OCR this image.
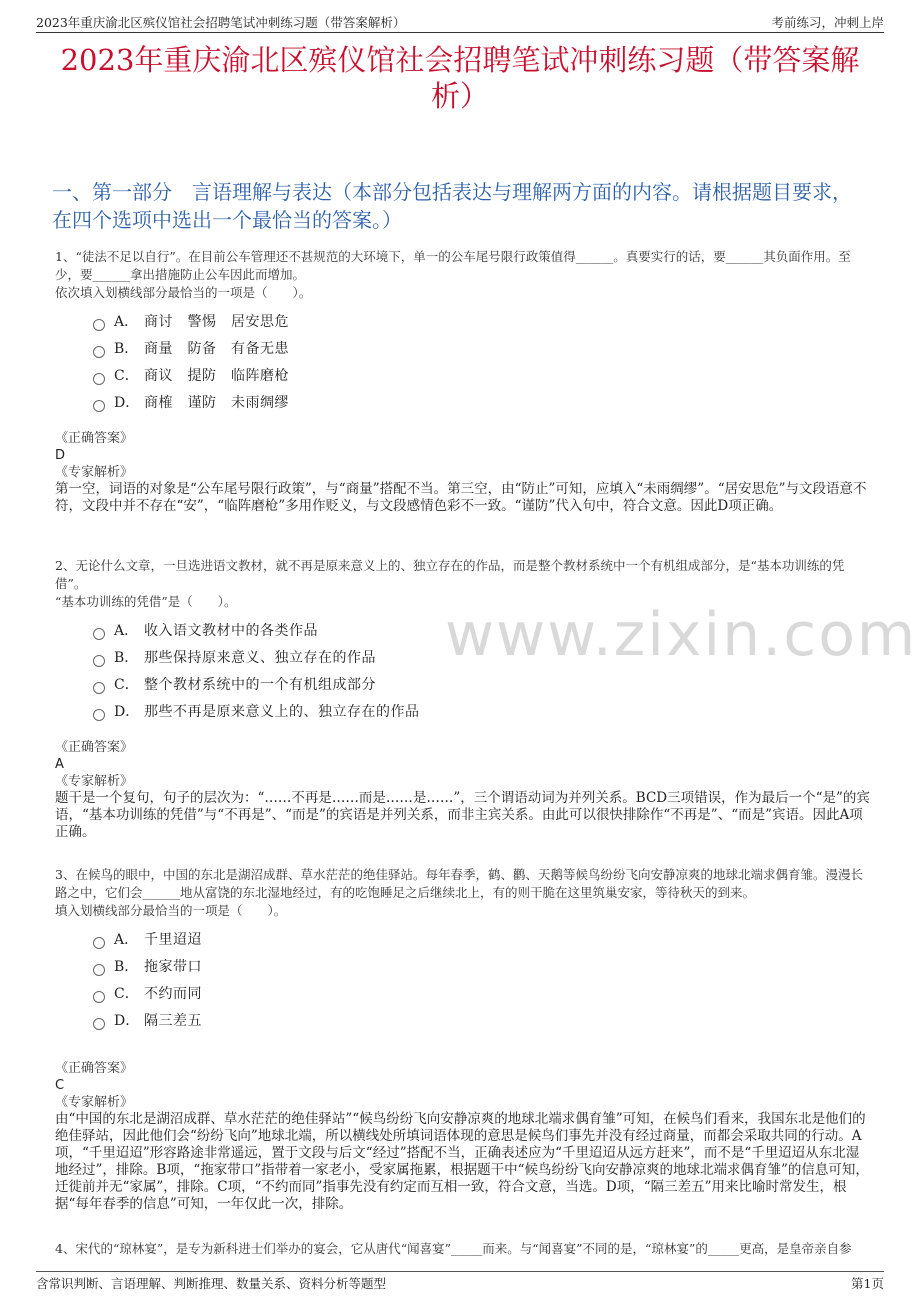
2023年重庆渝北区殡仪馆社会招聘笔试冲刺练习题（带答案解析）	考前练习，冲刺上岸
2023年重庆渝北区殡仪馆社会招聘笔试冲刺练习题（带答案解析）
一、第一部分　言语理解与表达（本部分包括表达与理解两方面的内容。请根据题目要求，在四个选项中选出一个最恰当的答案。）
www.zixin.com
1、“徒法不足以自行”。在目前公车管理还不甚规范的大环境下，单一的公车尾号限行政策值得______。真要实行的话，要______其负面作用。至少，要______拿出措施防止公车因此而增加。
依次填入划横线部分最恰当的一项是（　　）。
A． 商讨　警惕　居安思危
B． 商量　防备　有备无患
C． 商议　提防　临阵磨枪
D． 商榷　谨防　未雨绸缪
《正确答案》
D
《专家解析》
第一空，词语的对象是“公车尾号限行政策”，与“商量”搭配不当。第三空，由“防止”可知，应填入“未雨绸缪”。“居安思危”与文段语意不符，文段中并不存在“安”，“临阵磨枪”多用作贬义，与文段感情色彩不一致。“谨防”代入句中，符合文意。因此D项正确。
2、无论什么文章，一旦选进语文教材，就不再是原来意义上的、独立存在的作品，而是整个教材系统中一个有机组成部分，是“基本功训练的凭借”。
“基本功训练的凭借”是（　　）。
A． 收入语文教材中的各类作品
B． 那些保持原来意义、独立存在的作品
C． 整个教材系统中的一个有机组成部分
D． 那些不再是原来意义上的、独立存在的作品
《正确答案》
A
《专家解析》
题干是一个复句，句子的层次为：“……不再是……而是……是……”，三个谓语动词为并列关系。BCD三项错误，作为最后一个“是”的宾语，“基本功训练的凭借”与“不再是”、“而是”的宾语是并列关系，而非主宾关系。由此可以很快排除作“不再是”、“而是”宾语。因此A项正确。
3、在候鸟的眼中，中国的东北是湖沼成群、草水茫茫的绝佳驿站。每年春季，鹤、鹳、天鹅等候鸟纷纷飞向安静凉爽的地球北端求偶育雏。漫漫长路之中，它们会______地从富饶的东北湿地经过，有的吃饱睡足之后继续北上，有的则干脆在这里筑巢安家，等待秋天的到来。
填入划横线部分最恰当的一项是（　　）。
A． 千里迢迢
B． 拖家带口
C． 不约而同
D． 隔三差五
《正确答案》
C
《专家解析》
由“中国的东北是湖沼成群、草水茫茫的绝佳驿站”“候鸟纷纷飞向安静凉爽的地球北端求偶育雏”可知，在候鸟们看来，我国东北是他们的绝佳驿站，因此他们会“纷纷飞向”地球北端，所以横线处所填词语体现的意思是候鸟们事先并没有经过商量，而都会采取共同的行动。A项，“千里迢迢”形容路途非常遥远，置于文段与后文“经过”搭配不当，正确表述应为“千里迢迢从远方赶来”，而不是“千里迢迢从东北湿地经过”，排除。B项，“拖家带口”指带着一家老小，受家属拖累，根据题干中“候鸟纷纷飞向安静凉爽的地球北端求偶育雏”的信息可知，迁徙前并无“家属”，排除。C项，“不约而同”指事先没有约定而互相一致，符合文意，当选。D项，“隔三差五”用来比喻时常发生，根据“每年春季的信息”可知，一年仅此一次，排除。
4、宋代的“琼林宴”，是专为新科进士们举办的宴会，它从唐代“闻喜宴”_____而来。与“闻喜宴”不同的是，“琼林宴”的_____更高，是皇帝亲自参
含常识判断、言语理解、判断推理、数量关系、资料分析等题型	第1页
